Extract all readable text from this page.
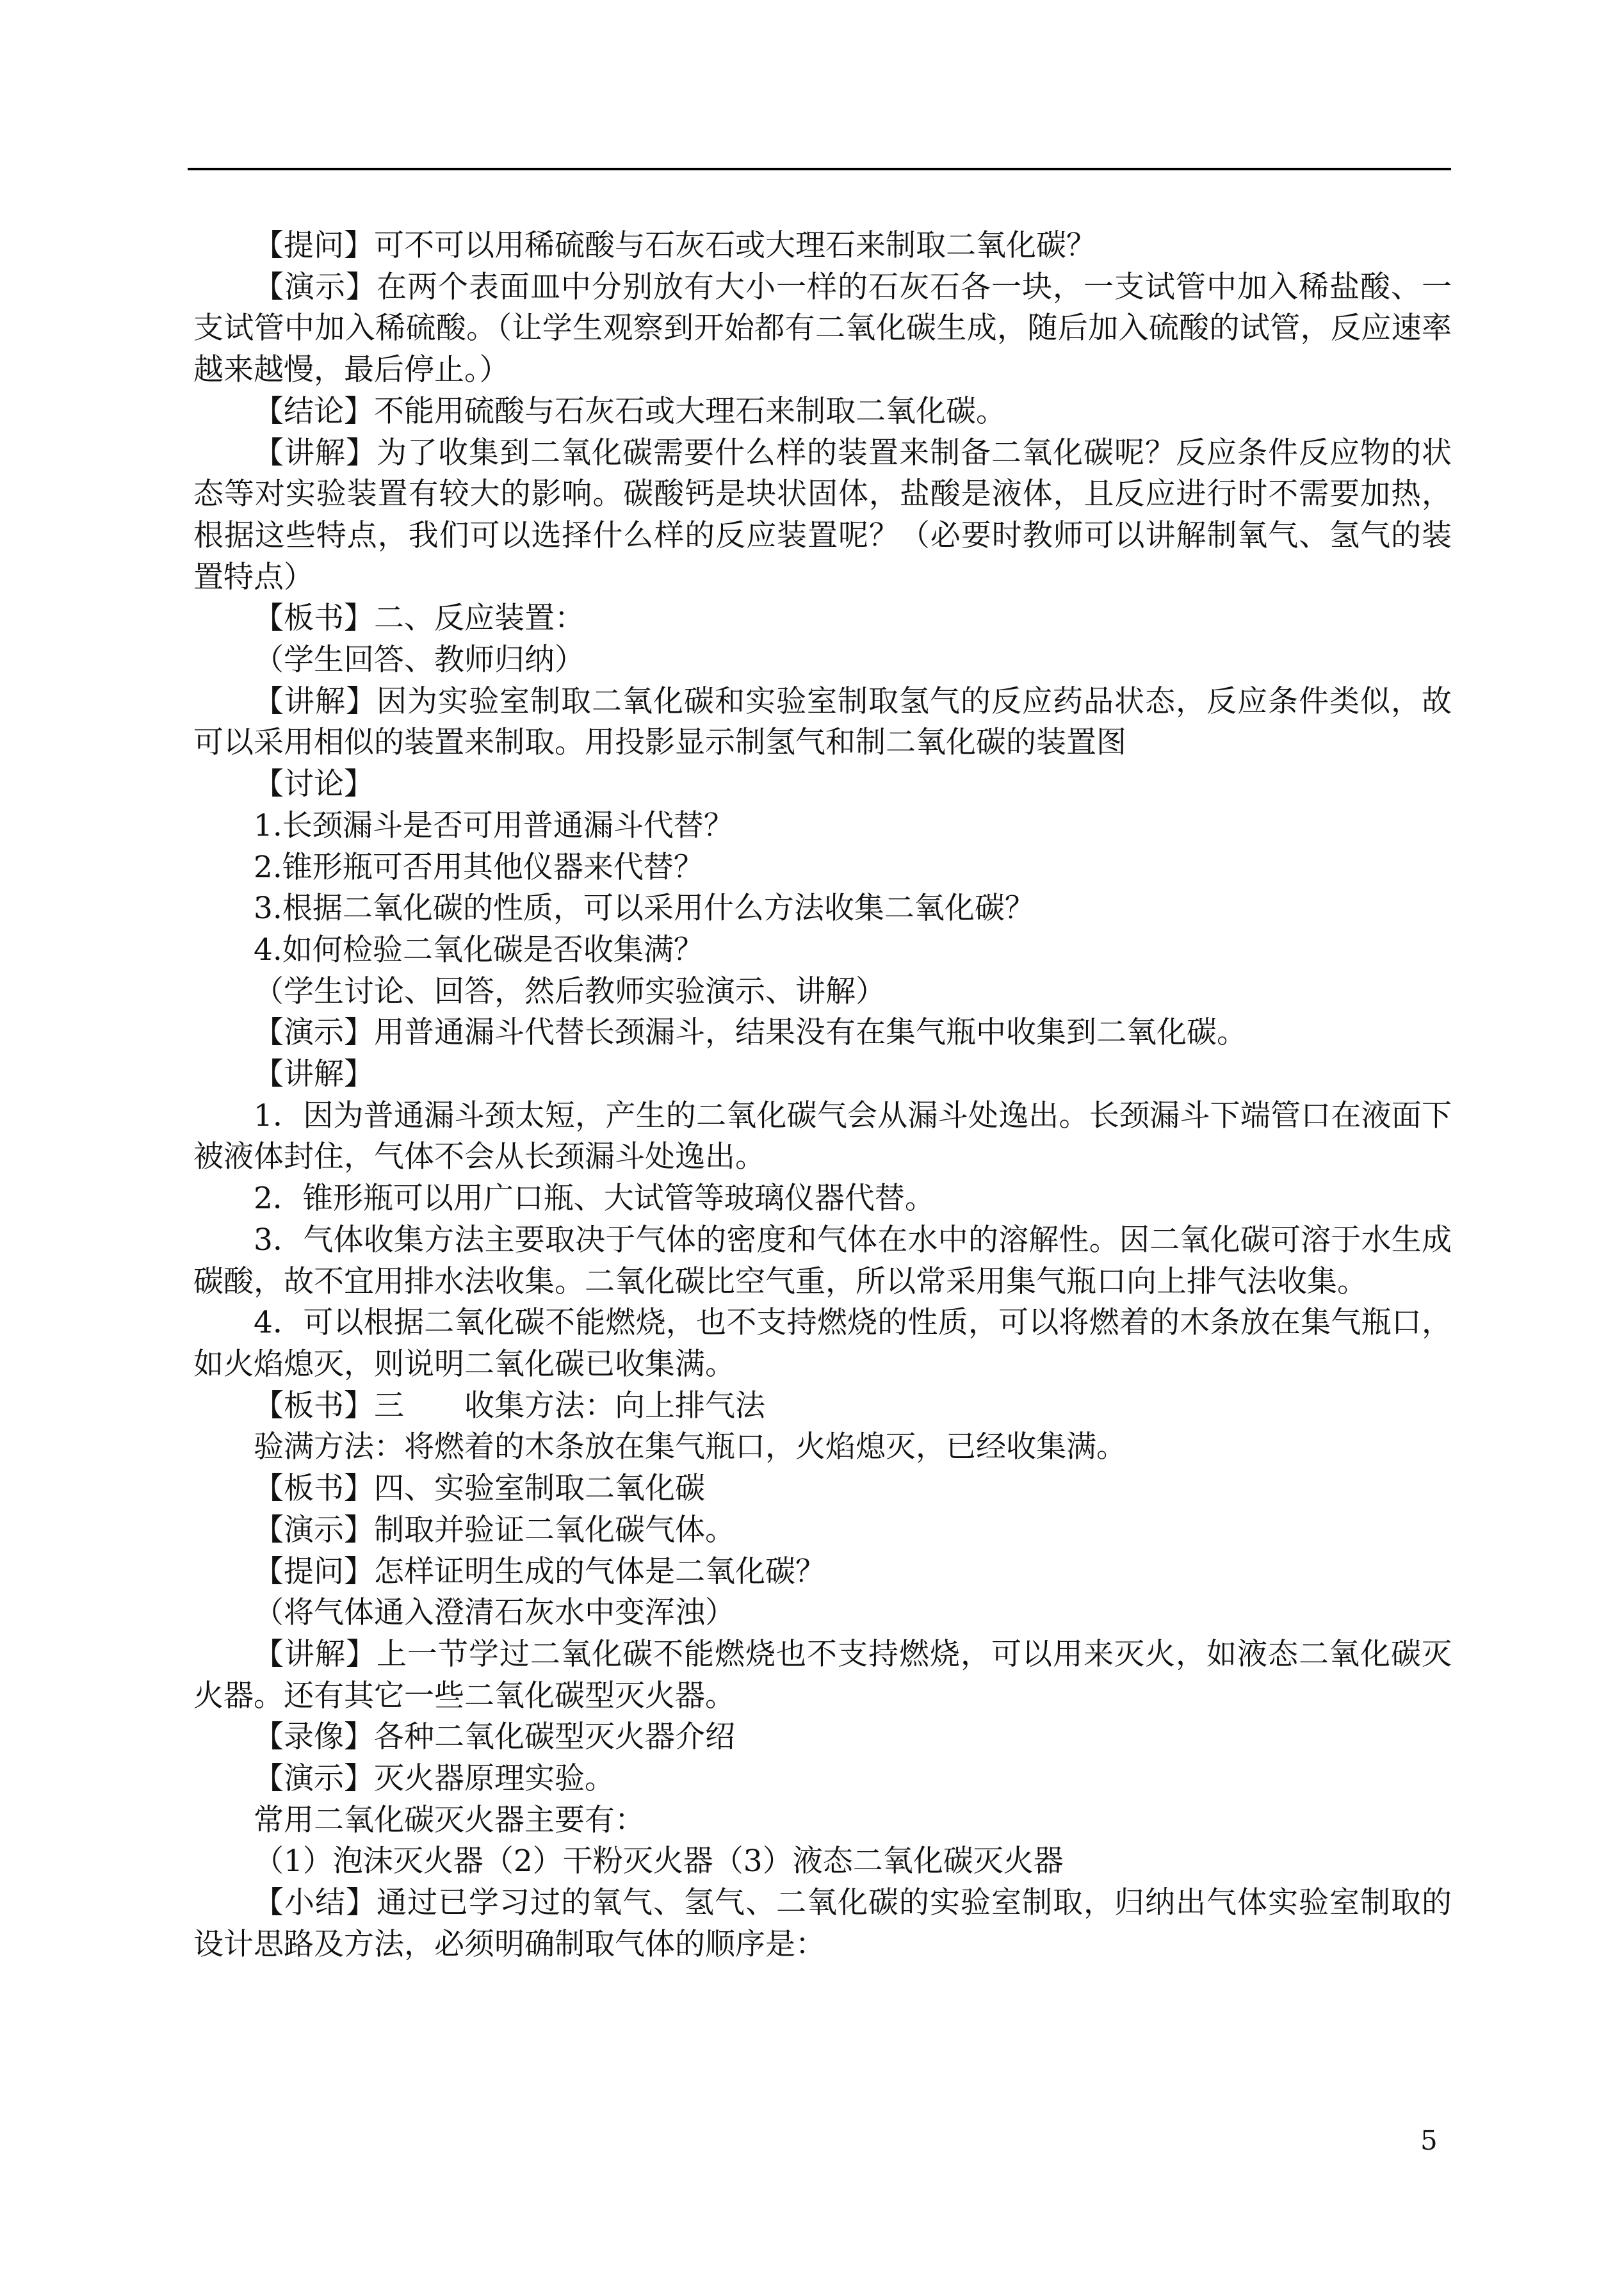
【提问】可不可以用稀硫酸与石灰石或大理石来制取二氧化碳？

【演示】在两个表面皿中分别放有大小一样的石灰石各一块，一支试管中加入稀盐酸、一支试管中加入稀硫酸。（让学生观察到开始都有二氧化碳生成，随后加入硫酸的试管，反应速率越来越慢，最后停止。）

【结论】不能用硫酸与石灰石或大理石来制取二氧化碳。

【讲解】为了收集到二氧化碳需要什么样的装置来制备二氧化碳呢？反应条件反应物的状态等对实验装置有较大的影响。碳酸钙是块状固体，盐酸是液体，且反应进行时不需要加热，根据这些特点，我们可以选择什么样的反应装置呢？（必要时教师可以讲解制氧气、氢气的装置特点）

【板书】二、反应装置：

（学生回答、教师归纳）

【讲解】因为实验室制取二氧化碳和实验室制取氢气的反应药品状态，反应条件类似，故可以采用相似的装置来制取。用投影显示制氢气和制二氧化碳的装置图

【讨论】

1.长颈漏斗是否可用普通漏斗代替？

2.锥形瓶可否用其他仪器来代替？

3.根据二氧化碳的性质，可以采用什么方法收集二氧化碳？

4.如何检验二氧化碳是否收集满？

（学生讨论、回答，然后教师实验演示、讲解）

【演示】用普通漏斗代替长颈漏斗，结果没有在集气瓶中收集到二氧化碳。

【讲解】

1．因为普通漏斗颈太短，产生的二氧化碳气会从漏斗处逸出。长颈漏斗下端管口在液面下被液体封住，气体不会从长颈漏斗处逸出。

2．锥形瓶可以用广口瓶、大试管等玻璃仪器代替。

3．气体收集方法主要取决于气体的密度和气体在水中的溶解性。因二氧化碳可溶于水生成碳酸，故不宜用排水法收集。二氧化碳比空气重，所以常采用集气瓶口向上排气法收集。

4．可以根据二氧化碳不能燃烧，也不支持燃烧的性质，可以将燃着的木条放在集气瓶口，如火焰熄灭，则说明二氧化碳已收集满。

【板书】三　　收集方法：向上排气法

验满方法：将燃着的木条放在集气瓶口，火焰熄灭，已经收集满。

【板书】四、实验室制取二氧化碳

【演示】制取并验证二氧化碳气体。

【提问】怎样证明生成的气体是二氧化碳？

（将气体通入澄清石灰水中变浑浊）

【讲解】上一节学过二氧化碳不能燃烧也不支持燃烧，可以用来灭火，如液态二氧化碳灭火器。还有其它一些二氧化碳型灭火器。

【录像】各种二氧化碳型灭火器介绍

【演示】灭火器原理实验。

常用二氧化碳灭火器主要有：

（1）泡沫灭火器（2）干粉灭火器（3）液态二氧化碳灭火器

【小结】通过已学习过的氧气、氢气、二氧化碳的实验室制取，归纳出气体实验室制取的设计思路及方法，必须明确制取气体的顺序是：

5
